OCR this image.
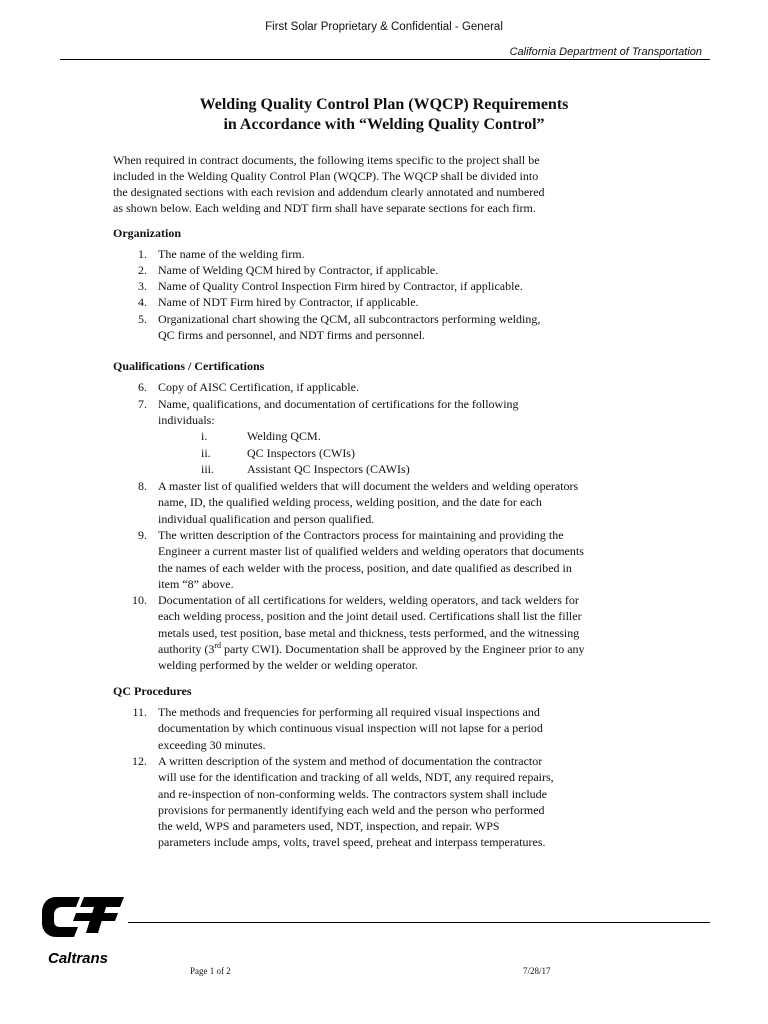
First Solar Proprietary & Confidential - General
California Department of Transportation
Welding Quality Control Plan (WQCP) Requirements
in Accordance with “Welding Quality Control”
When required in contract documents, the following items specific to the project shall be
included in the Welding Quality Control Plan (WQCP). The WQCP shall be divided into
the designated sections with each revision and addendum clearly annotated and numbered
as shown below. Each welding and NDT firm shall have separate sections for each firm.
Organization
1. The name of the welding firm.
2. Name of Welding QCM hired by Contractor, if applicable.
3. Name of Quality Control Inspection Firm hired by Contractor, if applicable.
4. Name of NDT Firm hired by Contractor, if applicable.
5. Organizational chart showing the QCM, all subcontractors performing welding,
QC firms and personnel, and NDT firms and personnel.
Qualifications / Certifications
6. Copy of AISC Certification, if applicable.
7. Name, qualifications, and documentation of certifications for the following
individuals:
i.	Welding QCM.
ii.	QC Inspectors (CWIs)
iii.	Assistant QC Inspectors (CAWIs)
8. A master list of qualified welders that will document the welders and welding operators
name, ID, the qualified welding process, welding position, and the date for each
individual qualification and person qualified.
9. The written description of the Contractors process for maintaining and providing the
Engineer a current master list of qualified welders and welding operators that documents
the names of each welder with the process, position, and date qualified as described in
item “8” above.
10. Documentation of all certifications for welders, welding operators, and tack welders for
each welding process, position and the joint detail used. Certifications shall list the filler
metals used, test position, base metal and thickness, tests performed, and the witnessing
authority (3rd party CWI). Documentation shall be approved by the Engineer prior to any
welding performed by the welder or welding operator.
QC Procedures
11. The methods and frequencies for performing all required visual inspections and
documentation by which continuous visual inspection will not lapse for a period
exceeding 30 minutes.
12. A written description of the system and method of documentation the contractor
will use for the identification and tracking of all welds, NDT, any required repairs,
and re-inspection of non-conforming welds. The contractors system shall include
provisions for permanently identifying each weld and the person who performed
the weld, WPS and parameters used, NDT, inspection, and repair. WPS
parameters include amps, volts, travel speed, preheat and interpass temperatures.
Caltrans
Page 1 of 2	7/28/17
